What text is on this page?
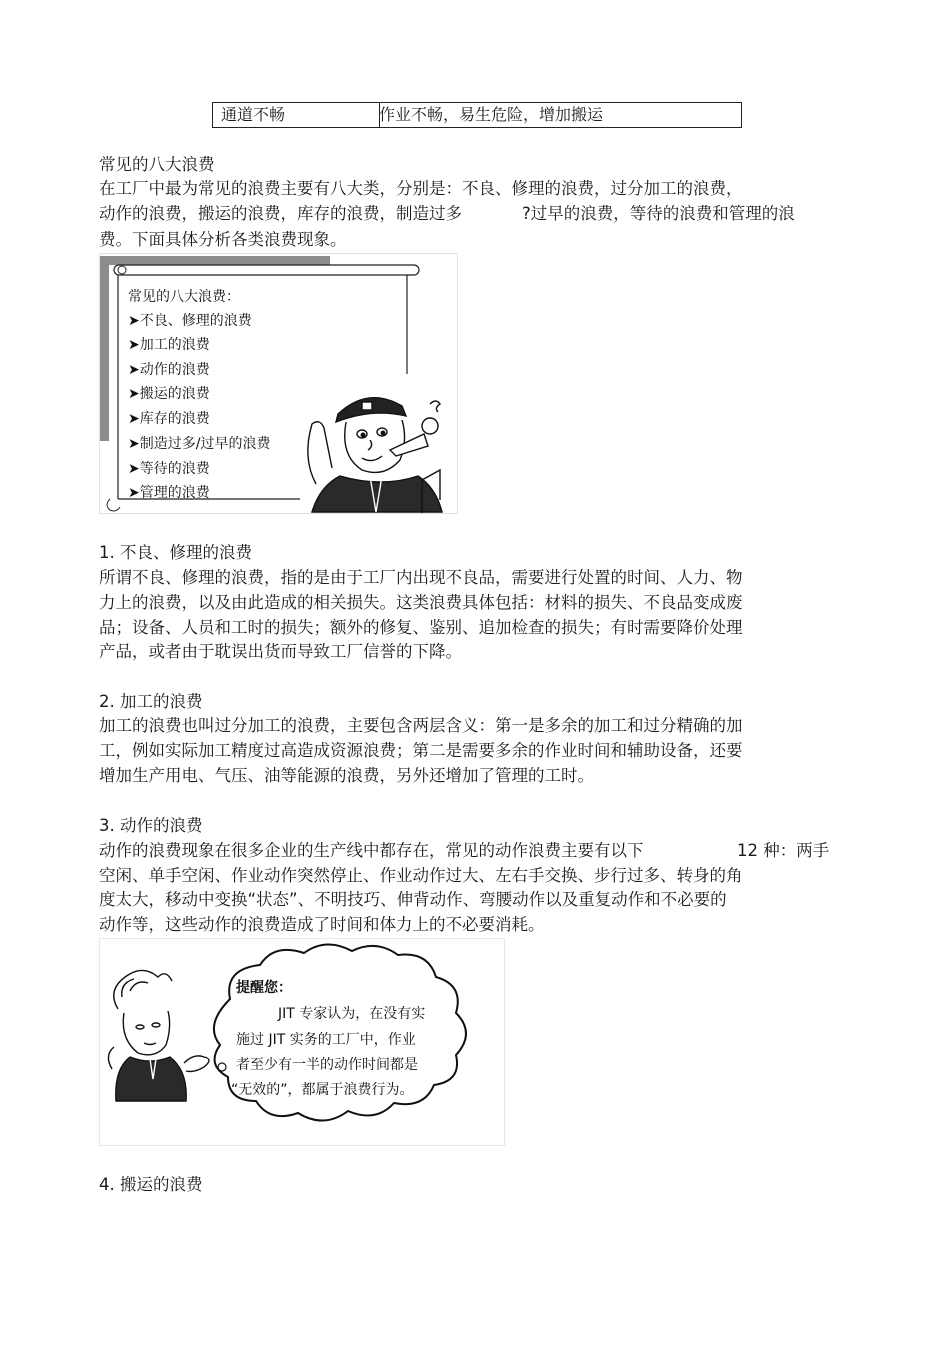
通道不畅	作业不畅，易生危险，增加搬运
常见的八大浪费
在工厂中最为常见的浪费主要有八大类，分别是：不良、修理的浪费，过分加工的浪费，
动作的浪费，搬运的浪费，库存的浪费，制造过多	?过早的浪费，等待的浪费和管理的浪
费。下面具体分析各类浪费现象。
常见的八大浪费：
➤不良、修理的浪费
➤加工的浪费
➤动作的浪费
➤搬运的浪费
➤库存的浪费
➤制造过多/过早的浪费
➤等待的浪费
➤管理的浪费
1. 不良、修理的浪费
所谓不良、修理的浪费，指的是由于工厂内出现不良品，需要进行处置的时间、人力、物
力上的浪费，以及由此造成的相关损失。这类浪费具体包括：材料的损失、不良品变成废
品；设备、人员和工时的损失；额外的修复、鉴别、追加检查的损失；有时需要降价处理
产品，或者由于耽误出货而导致工厂信誉的下降。
2. 加工的浪费
加工的浪费也叫过分加工的浪费，主要包含两层含义：第一是多余的加工和过分精确的加
工，例如实际加工精度过高造成资源浪费；第二是需要多余的作业时间和辅助设备，还要
增加生产用电、气压、油等能源的浪费，另外还增加了管理的工时。
3. 动作的浪费
动作的浪费现象在很多企业的生产线中都存在，常见的动作浪费主要有以下	12 种：两手
空闲、单手空闲、作业动作突然停止、作业动作过大、左右手交换、步行过多、转身的角
度太大，移动中变换“状态”、不明技巧、伸背动作、弯腰动作以及重复动作和不必要的
动作等，这些动作的浪费造成了时间和体力上的不必要消耗。
提醒您：
JIT 专家认为，在没有实
施过 JIT 实务的工厂中，作业
者至少有一半的动作时间都是
“无效的”，都属于浪费行为。
4. 搬运的浪费
